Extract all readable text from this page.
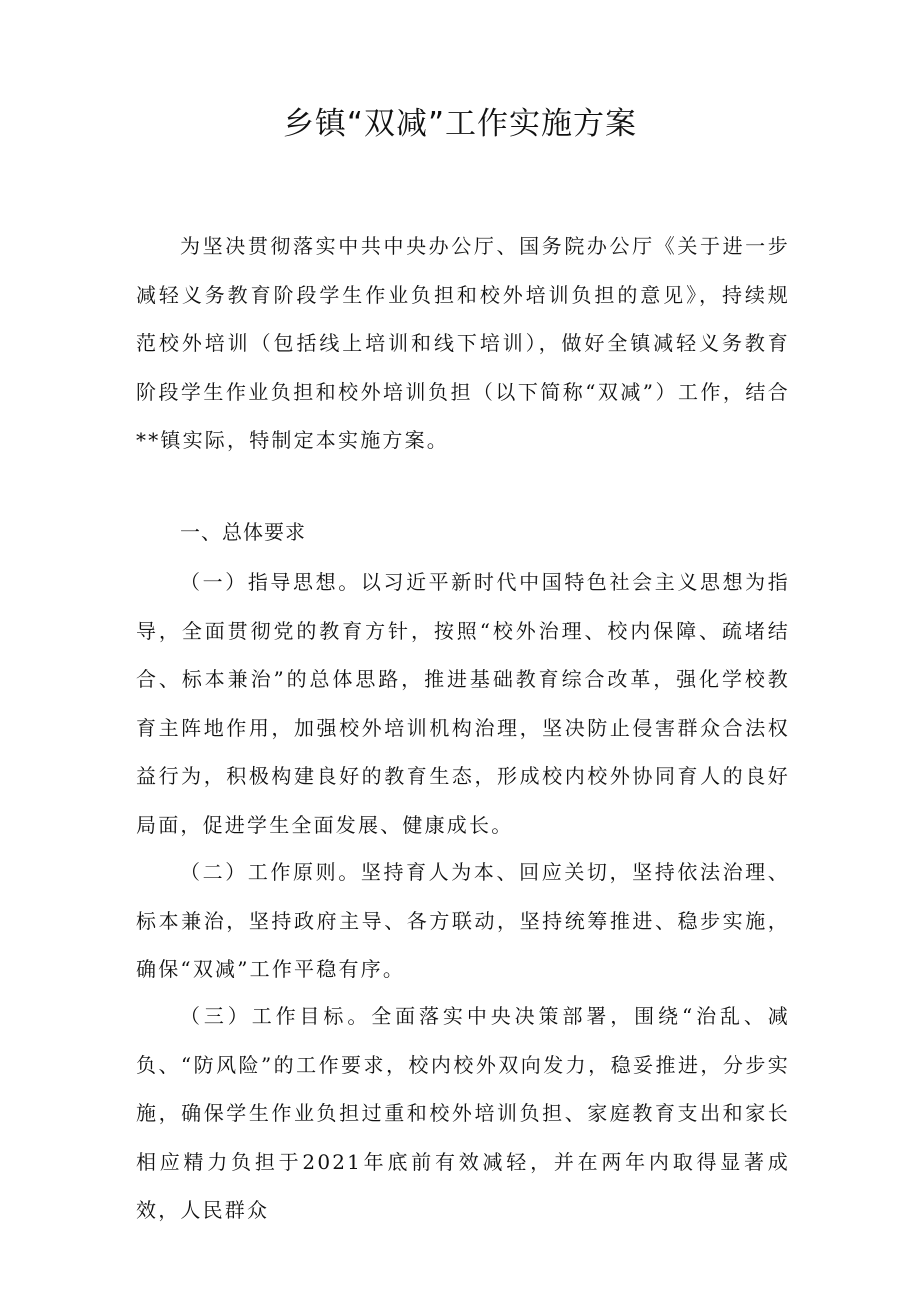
乡镇“双减”工作实施方案

为坚决贯彻落实中共中央办公厅、国务院办公厅《关于进一步减轻义务教育阶段学生作业负担和校外培训负担的意见》，持续规范校外培训（包括线上培训和线下培训），做好全镇减轻义务教育阶段学生作业负担和校外培训负担（以下简称“双减”）工作，结合**镇实际，特制定本实施方案。

一、总体要求

（一）指导思想。以习近平新时代中国特色社会主义思想为指导，全面贯彻党的教育方针，按照“校外治理、校内保障、疏堵结合、标本兼治”的总体思路，推进基础教育综合改革，强化学校教育主阵地作用，加强校外培训机构治理，坚决防止侵害群众合法权益行为，积极构建良好的教育生态，形成校内校外协同育人的良好局面，促进学生全面发展、健康成长。

（二）工作原则。坚持育人为本、回应关切，坚持依法治理、标本兼治，坚持政府主导、各方联动，坚持统筹推进、稳步实施，确保“双减”工作平稳有序。

（三）工作目标。全面落实中央决策部署，围绕“治乱、减负、“防风险”的工作要求，校内校外双向发力，稳妥推进，分步实施，确保学生作业负担过重和校外培训负担、家庭教育支出和家长相应精力负担于2021年底前有效减轻，并在两年内取得显著成效，人民群众
